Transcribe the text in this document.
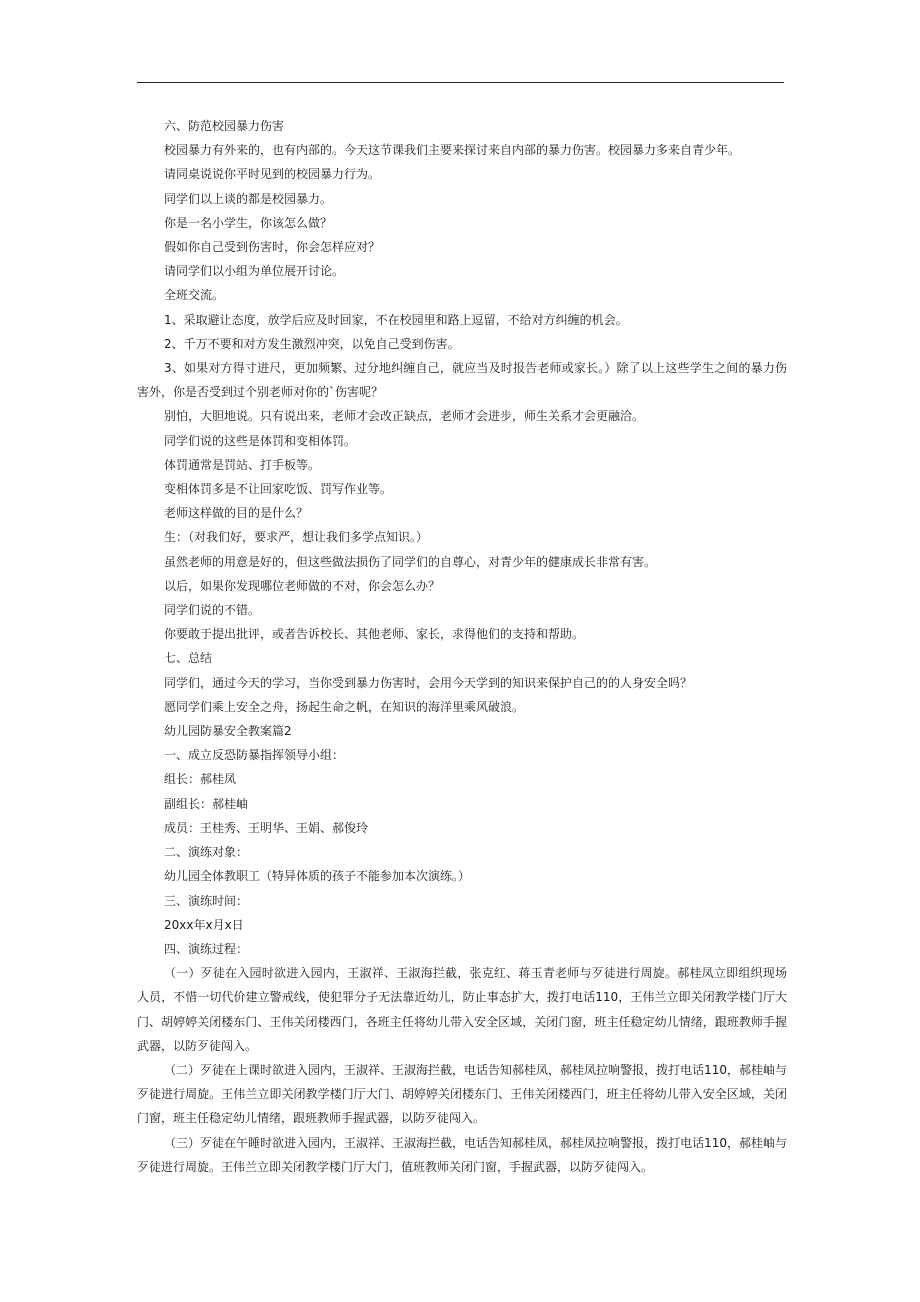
六、防范校园暴力伤害

校园暴力有外来的，也有内部的。今天这节课我们主要来探讨来自内部的暴力伤害。校园暴力多来自青少年。

请同桌说说你平时见到的校园暴力行为。

同学们以上谈的都是校园暴力。

你是一名小学生，你该怎么做？

假如你自己受到伤害时，你会怎样应对？

请同学们以小组为单位展开讨论。

全班交流。

1、采取避让态度，放学后应及时回家，不在校园里和路上逗留，不给对方纠缠的机会。

2、千万不要和对方发生激烈冲突，以免自己受到伤害。

3、如果对方得寸进尺，更加频繁、过分地纠缠自己，就应当及时报告老师或家长。）除了以上这些学生之间的暴力伤害外，你是否受到过个别老师对你的`伤害呢？

别怕，大胆地说。只有说出来，老师才会改正缺点，老师才会进步，师生关系才会更融洽。

同学们说的这些是体罚和变相体罚。

体罚通常是罚站、打手板等。

变相体罚多是不让回家吃饭、罚写作业等。

老师这样做的目的是什么？

生：（对我们好，要求严，想让我们多学点知识。）

虽然老师的用意是好的，但这些做法损伤了同学们的自尊心，对青少年的健康成长非常有害。

以后，如果你发现哪位老师做的不对，你会怎么办？

同学们说的不错。

你要敢于提出批评，或者告诉校长、其他老师、家长，求得他们的支持和帮助。

七、总结

同学们，通过今天的学习，当你受到暴力伤害时，会用今天学到的知识来保护自己的的人身安全吗？

愿同学们乘上安全之舟，扬起生命之帆，在知识的海洋里乘风破浪。

幼儿园防暴安全教案篇2

一、成立反恐防暴指挥领导小组：

组长：郝桂凤

副组长：郝桂岫

成员：王桂秀、王明华、王娟、郝俊玲

二、演练对象：

幼儿园全体教职工（特异体质的孩子不能参加本次演练。）

三、演练时间：

20xx年x月x日

四、演练过程：

（一）歹徒在入园时欲进入园内，王淑祥、王淑海拦截，张克红、蒋玉青老师与歹徒进行周旋。郝桂凤立即组织现场人员，不惜一切代价建立警戒线，使犯罪分子无法靠近幼儿，防止事态扩大，拨打电话110，王伟兰立即关闭教学楼门厅大门、胡婷婷关闭楼东门、王伟关闭楼西门，各班主任将幼儿带入安全区域，关闭门窗，班主任稳定幼儿情绪，跟班教师手握武器，以防歹徒闯入。

（二）歹徒在上课时欲进入园内，王淑祥、王淑海拦截，电话告知郝桂凤，郝桂凤拉响警报，拨打电话110，郝桂岫与歹徒进行周旋。王伟兰立即关闭教学楼门厅大门、胡婷婷关闭楼东门、王伟关闭楼西门，班主任将幼儿带入安全区域，关闭门窗，班主任稳定幼儿情绪，跟班教师手握武器，以防歹徒闯入。

（三）歹徒在午睡时欲进入园内，王淑祥、王淑海拦截，电话告知郝桂凤，郝桂凤拉响警报，拨打电话110，郝桂岫与歹徒进行周旋。王伟兰立即关闭教学楼门厅大门，值班教师关闭门窗，手握武器，以防歹徒闯入。
